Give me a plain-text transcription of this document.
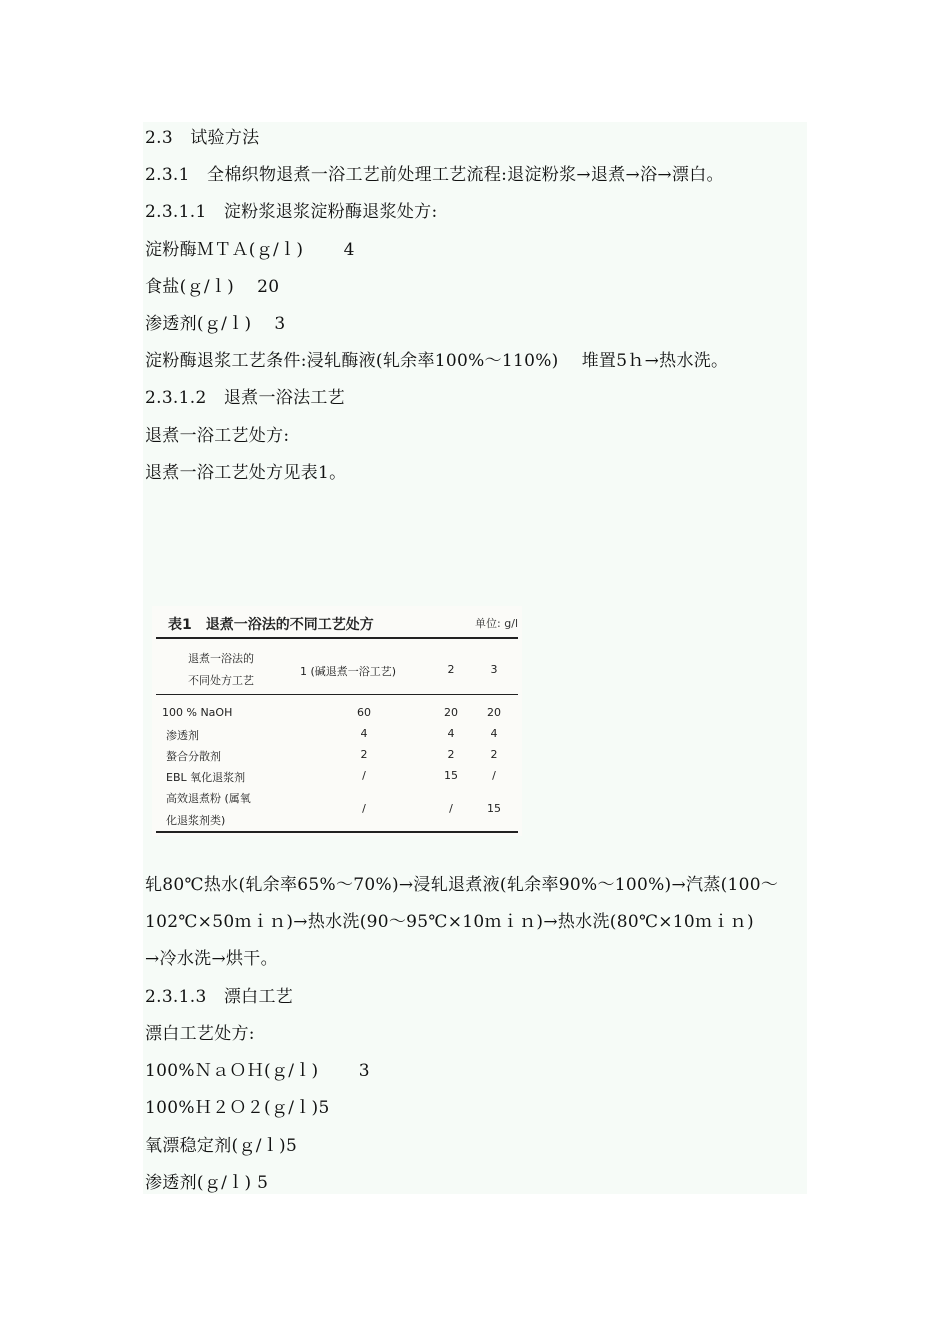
2.3　试验方法
2.3.1　全棉织物退煮一浴工艺前处理工艺流程:退淀粉浆→退煮→浴→漂白。
2.3.1.1　淀粉浆退浆淀粉酶退浆处方:
淀粉酶ＭＴＡ(ｇ/ｌ)　　 4
食盐(ｇ/ｌ)　 20
渗透剂(ｇ/ｌ)　 3
淀粉酶退浆工艺条件:浸轧酶液(轧余率100%～110%)　 堆置5ｈ→热水洗。
2.3.1.2　退煮一浴法工艺
退煮一浴工艺处方:
退煮一浴工艺处方见表1。
表1　退煮一浴法的不同工艺处方	单位: g/l
退煮一浴法的
不同处方工艺
1 (碱退煮一浴工艺)	2	3
100 % NaOH	60	20	20
渗透剂	4	4	4
螯合分散剂	2	2	2
EBL 氧化退浆剂	/	15	/
高效退煮粉 (属氧
化退浆剂类)
/	/	15
轧80℃热水(轧余率65%～70%)→浸轧退煮液(轧余率90%～100%)→汽蒸(100～
102℃×50ｍｉｎ)→热水洗(90～95℃×10ｍｉｎ)→热水洗(80℃×10ｍｉｎ)
→冷水洗→烘干。
2.3.1.3　漂白工艺
漂白工艺处方:
100%ＮａＯＨ(ｇ/ｌ)　　 3
100%Ｈ２Ｏ２(ｇ/ｌ)5
氧漂稳定剂(ｇ/ｌ)5
渗透剂(ｇ/ｌ) 5
